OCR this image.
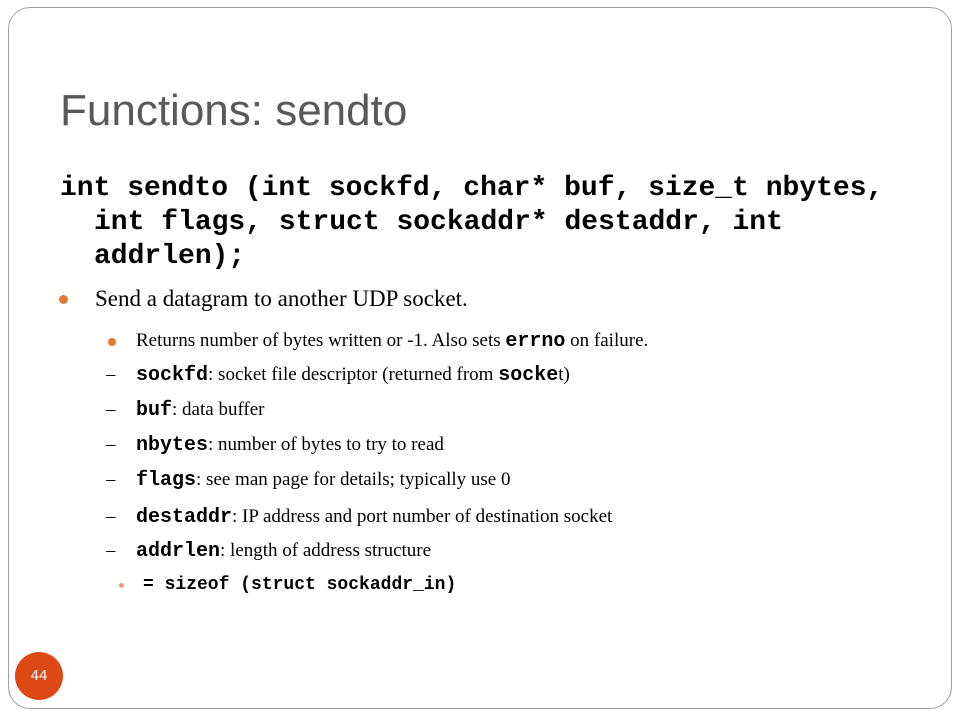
Functions: sendto

int sendto (int sockfd, char* buf, size_t nbytes, int flags, struct sockaddr* destaddr, int addrlen);

Send a datagram to another UDP socket.
Returns number of bytes written or -1. Also sets errno on failure.
– sockfd: socket file descriptor (returned from socket)
– buf: data buffer
– nbytes: number of bytes to try to read
– flags: see man page for details; typically use 0
– destaddr: IP address and port number of destination socket
– addrlen: length of address structure
= sizeof (struct sockaddr_in)
44
